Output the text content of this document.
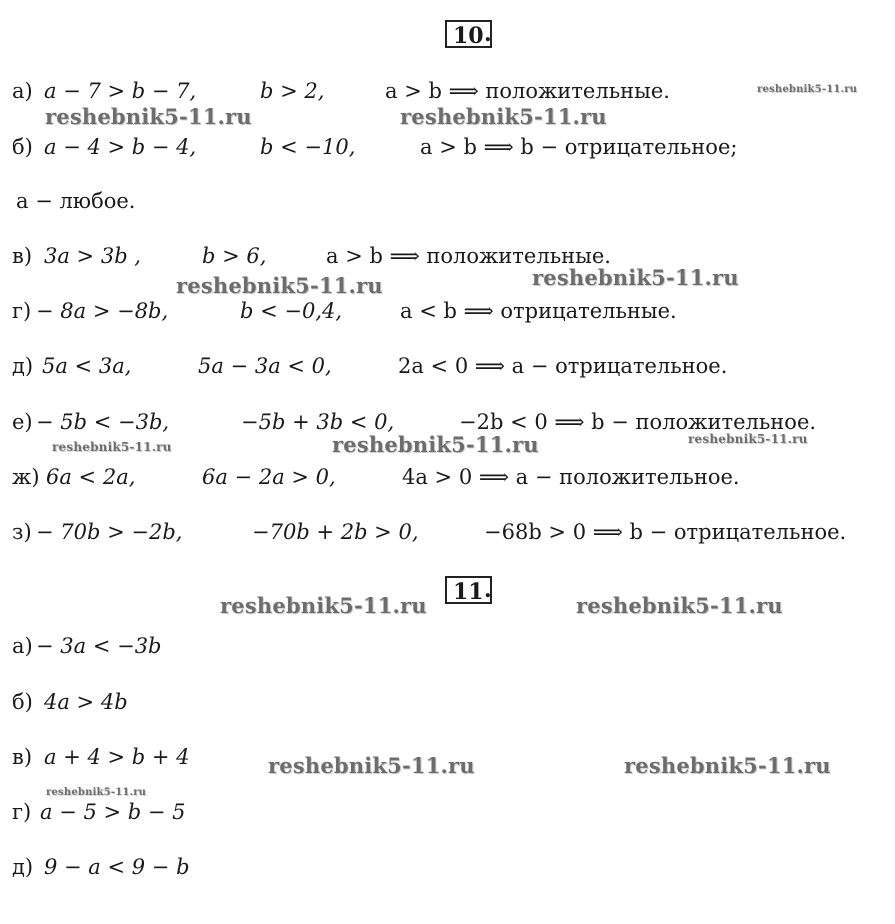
10 .
а) a − 7 > b − 7,	b > 2,	a > b ⟹ положительные.
б) a − 4 > b − 4,	b < −10,	a > b ⟹ b − отрицательное;
a − любое.
в) 3a > 3b ,	b > 6,	a > b ⟹ положительные.
г) − 8a > −8b,	b < −0,4,	a < b ⟹ отрицательные.
д) 5a < 3a,	5a − 3a < 0,	2a < 0 ⟹ a − отрицательное.
е) − 5b < −3b,	−5b + 3b < 0,	−2b < 0 ⟹ b − положительное.
ж) 6a < 2a,	6a − 2a > 0,	4a > 0 ⟹ a − положительное.
з) − 70b > −2b,	−70b + 2b > 0,	−68b > 0 ⟹ b − отрицательное.
11 .
а) − 3a < −3b
б) 4a > 4b
в) a + 4 > b + 4
г) a − 5 > b − 5
д) 9 − a < 9 − b
reshebnik5-11.ru
reshebnik5-11.ru	reshebnik5-11.ru
reshebnik5-11.ru	reshebnik5-11.ru
reshebnik5-11.ru	reshebnik5-11.ru	reshebnik5-11.ru
reshebnik5-11.ru	reshebnik5-11.ru
reshebnik5-11.ru	reshebnik5-11.ru
reshebnik5-11.ru
